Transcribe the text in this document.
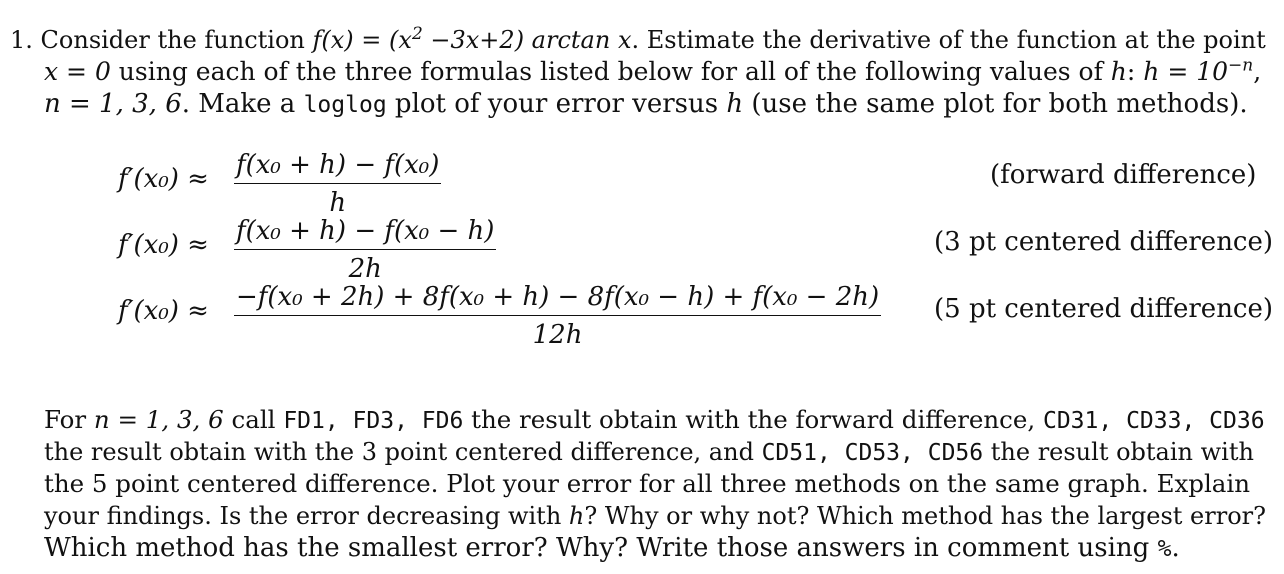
1. Consider the function $f(x) = (x^2 -3x+2)$ arctan x. Estimate the derivative of the function at the point
x = 0 using each of the three formulas listed below for all of the following values of h: $h = 10^{-n}$,
n = 1, 3, 6. Make a loglog plot of your error versus h (use the same plot for both methods).
f′(x₀) ≈ f(x₀ + h) − f(x₀)
h
(forward difference)
f′(x₀) ≈ f(x₀ + h) − f(x₀ − h)
2h
(3 pt centered difference)
f′(x₀) ≈ −f(x₀ + 2h) + 8f(x₀ + h) − 8f(x₀ − h) + f(x₀ − 2h)
12h
(5 pt centered difference)
For n = 1, 3, 6 call FD1, FD3, FD6 the result obtain with the forward difference, CD31, CD33, CD36
the result obtain with the 3 point centered difference, and CD51, CD53, CD56 the result obtain with
the 5 point centered difference. Plot your error for all three methods on the same graph. Explain
your findings. Is the error decreasing with h? Why or why not? Which method has the largest error?
Which method has the smallest error? Why? Write those answers in comment using %.
